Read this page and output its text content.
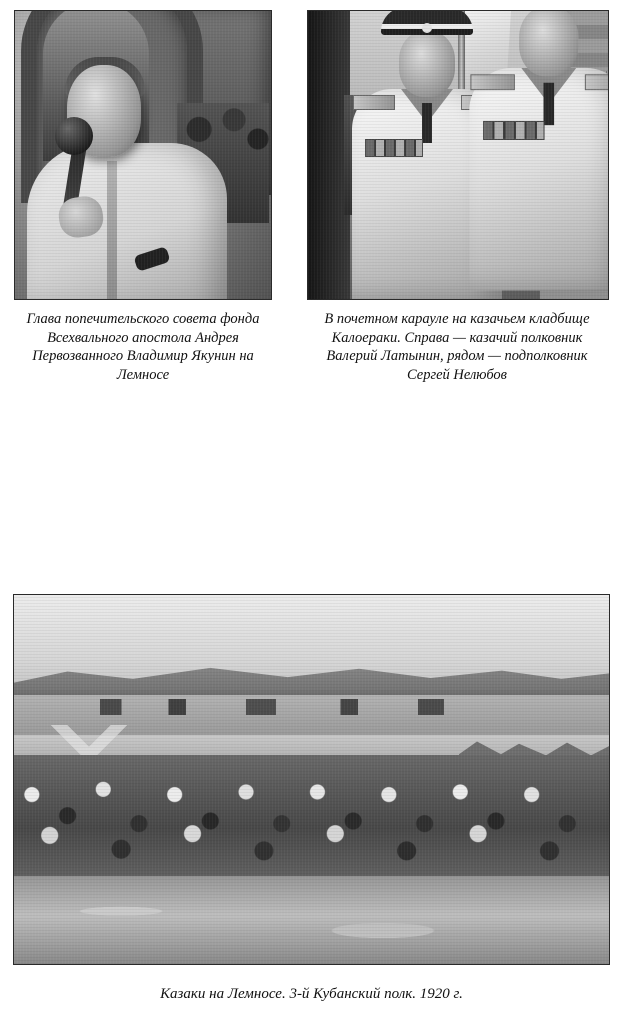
Глава попечительского совета фонда Всехвального апостола Андрея Первозванного Владимир Якунин на Лемносе
В почетном карауле на казачьем кладбище Калоераки. Справа — казачий полковник Валерий Латынин, рядом — подполковник Сергей Нелюбов
Казаки на Лемносе. 3-й Кубанский полк. 1920 г.
